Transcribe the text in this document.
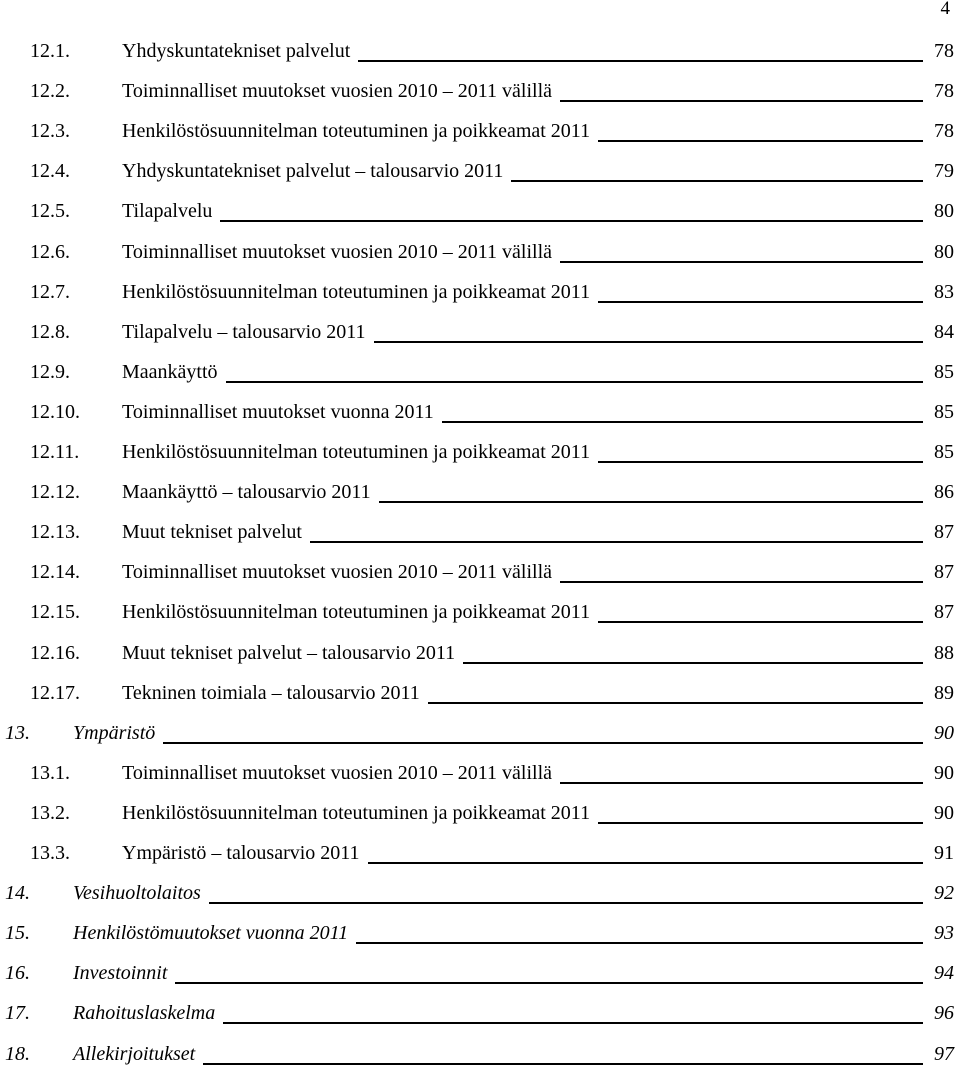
4
12.1.	Yhdyskuntatekniset palvelut	78
12.2.	Toiminnalliset muutokset vuosien 2010 – 2011 välillä	78
12.3.	Henkilöstösuunnitelman toteutuminen ja poikkeamat 2011	78
12.4.	Yhdyskuntatekniset palvelut – talousarvio 2011	79
12.5.	Tilapalvelu	80
12.6.	Toiminnalliset muutokset vuosien 2010 – 2011 välillä	80
12.7.	Henkilöstösuunnitelman toteutuminen ja poikkeamat 2011	83
12.8.	Tilapalvelu – talousarvio 2011	84
12.9.	Maankäyttö	85
12.10. Toiminnalliset muutokset vuonna 2011	85
12.11. Henkilöstösuunnitelman toteutuminen ja poikkeamat 2011	85
12.12. Maankäyttö – talousarvio 2011	86
12.13. Muut tekniset palvelut	87
12.14. Toiminnalliset muutokset vuosien 2010 – 2011 välillä	87
12.15. Henkilöstösuunnitelman toteutuminen ja poikkeamat 2011	87
12.16. Muut tekniset palvelut – talousarvio 2011	88
12.17. Tekninen toimiala – talousarvio 2011	89
13. Ympäristö	90
13.1.	Toiminnalliset muutokset vuosien 2010 – 2011 välillä	90
13.2.	Henkilöstösuunnitelman toteutuminen ja poikkeamat 2011	90
13.3.	Ympäristö – talousarvio 2011	91
14. Vesihuoltolaitos	92
15. Henkilöstömuutokset vuonna 2011	93
16. Investoinnit	94
17. Rahoituslaskelma	96
18. Allekirjoitukset	97
